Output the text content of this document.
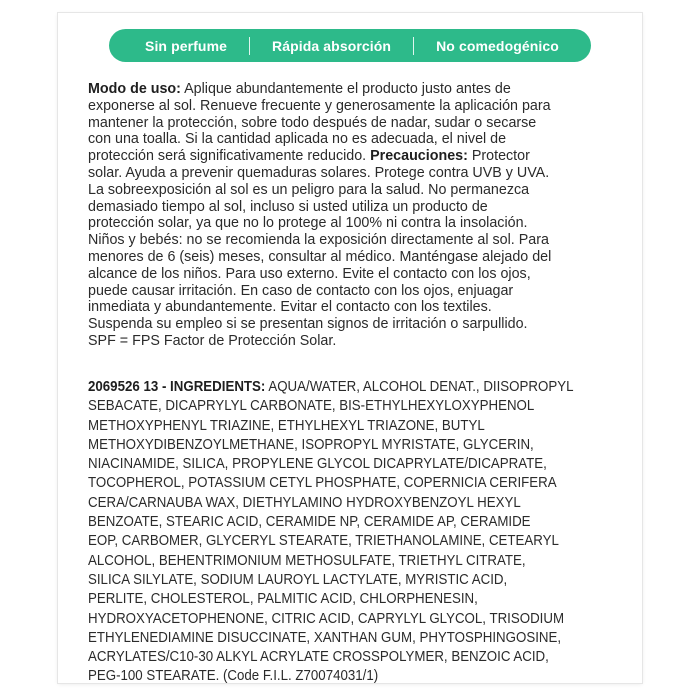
Sin perfume	Rápida absorción	No comedogénico
Modo de uso: Aplique abundantemente el producto justo antes de
exponerse al sol. Renueve frecuente y generosamente la aplicación para
mantener la protección, sobre todo después de nadar, sudar o secarse
con una toalla. Si la cantidad aplicada no es adecuada, el nivel de
protección será significativamente reducido. Precauciones: Protector
solar. Ayuda a prevenir quemaduras solares. Protege contra UVB y UVA.
La sobreexposición al sol es un peligro para la salud. No permanezca
demasiado tiempo al sol, incluso si usted utiliza un producto de
protección solar, ya que no lo protege al 100% ni contra la insolación.
Niños y bebés: no se recomienda la exposición directamente al sol. Para
menores de 6 (seis) meses, consultar al médico. Manténgase alejado del
alcance de los niños. Para uso externo. Evite el contacto con los ojos,
puede causar irritación. En caso de contacto con los ojos, enjuagar
inmediata y abundantemente. Evitar el contacto con los textiles.
Suspenda su empleo si se presentan signos de irritación o sarpullido.
SPF = FPS Factor de Protección Solar.
2069526 13 - INGREDIENTS: AQUA/WATER, ALCOHOL DENAT., DIISOPROPYL
SEBACATE, DICAPRYLYL CARBONATE, BIS-ETHYLHEXYLOXYPHENOL
METHOXYPHENYL TRIAZINE, ETHYLHEXYL TRIAZONE, BUTYL
METHOXYDIBENZOYLMETHANE, ISOPROPYL MYRISTATE, GLYCERIN,
NIACINAMIDE, SILICA, PROPYLENE GLYCOL DICAPRYLATE/DICAPRATE,
TOCOPHEROL, POTASSIUM CETYL PHOSPHATE, COPERNICIA CERIFERA
CERA/CARNAUBA WAX, DIETHYLAMINO HYDROXYBENZOYL HEXYL
BENZOATE, STEARIC ACID, CERAMIDE NP, CERAMIDE AP, CERAMIDE
EOP, CARBOMER, GLYCERYL STEARATE, TRIETHANOLAMINE, CETEARYL
ALCOHOL, BEHENTRIMONIUM METHOSULFATE, TRIETHYL CITRATE,
SILICA SILYLATE, SODIUM LAUROYL LACTYLATE, MYRISTIC ACID,
PERLITE, CHOLESTEROL, PALMITIC ACID, CHLORPHENESIN,
HYDROXYACETOPHENONE, CITRIC ACID, CAPRYLYL GLYCOL, TRISODIUM
ETHYLENEDIAMINE DISUCCINATE, XANTHAN GUM, PHYTOSPHINGOSINE,
ACRYLATES/C10-30 ALKYL ACRYLATE CROSSPOLYMER, BENZOIC ACID,
PEG-100 STEARATE. (Code F.I.L. Z70074031/1)
